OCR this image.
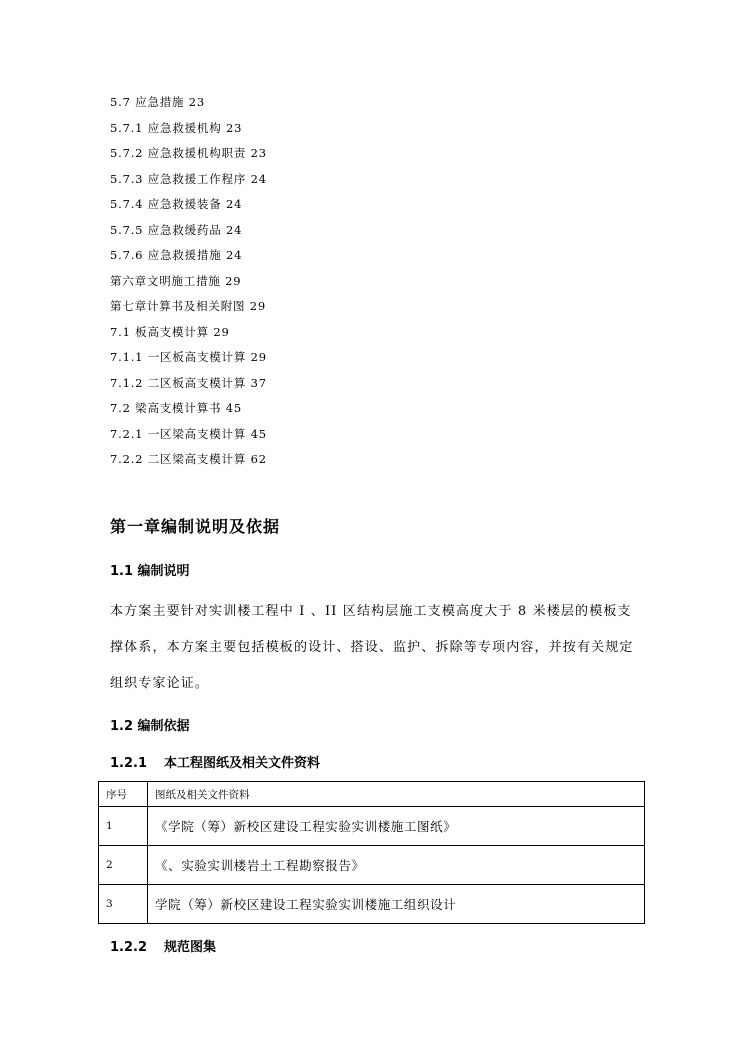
5.7 应急措施 23
5.7.1 应急救援机构 23
5.7.2 应急救援机构职责 23
5.7.3 应急救援工作程序 24
5.7.4 应急救援装备 24
5.7.5 应急救缓药品 24
5.7.6 应急救援措施 24
第六章文明施工措施 29
第七章计算书及相关附图 29
7.1 板高支模计算 29
7.1.1 一区板高支模计算 29
7.1.2 二区板高支模计算 37
7.2 梁高支模计算书 45
7.2.1 一区梁高支模计算 45
7.2.2 二区梁高支模计算 62
第一章编制说明及依据
1.1 编制说明

本方案主要针对实训楼工程中 I 、II 区结构层施工支模高度大于 8 米楼层的模板支撑体系，本方案主要包括模板的设计、搭设、监护、拆除等专项内容，并按有关规定组织专家论证。

1.2 编制依据
1.2.1 本工程图纸及相关文件资料
序号	图纸及相关文件资料
1	《学院（筹）新校区建设工程实验实训楼施工图纸》
2	《、实验实训楼岩土工程勘察报告》
3	学院（筹）新校区建设工程实验实训楼施工组织设计
1.2.2 规范图集
